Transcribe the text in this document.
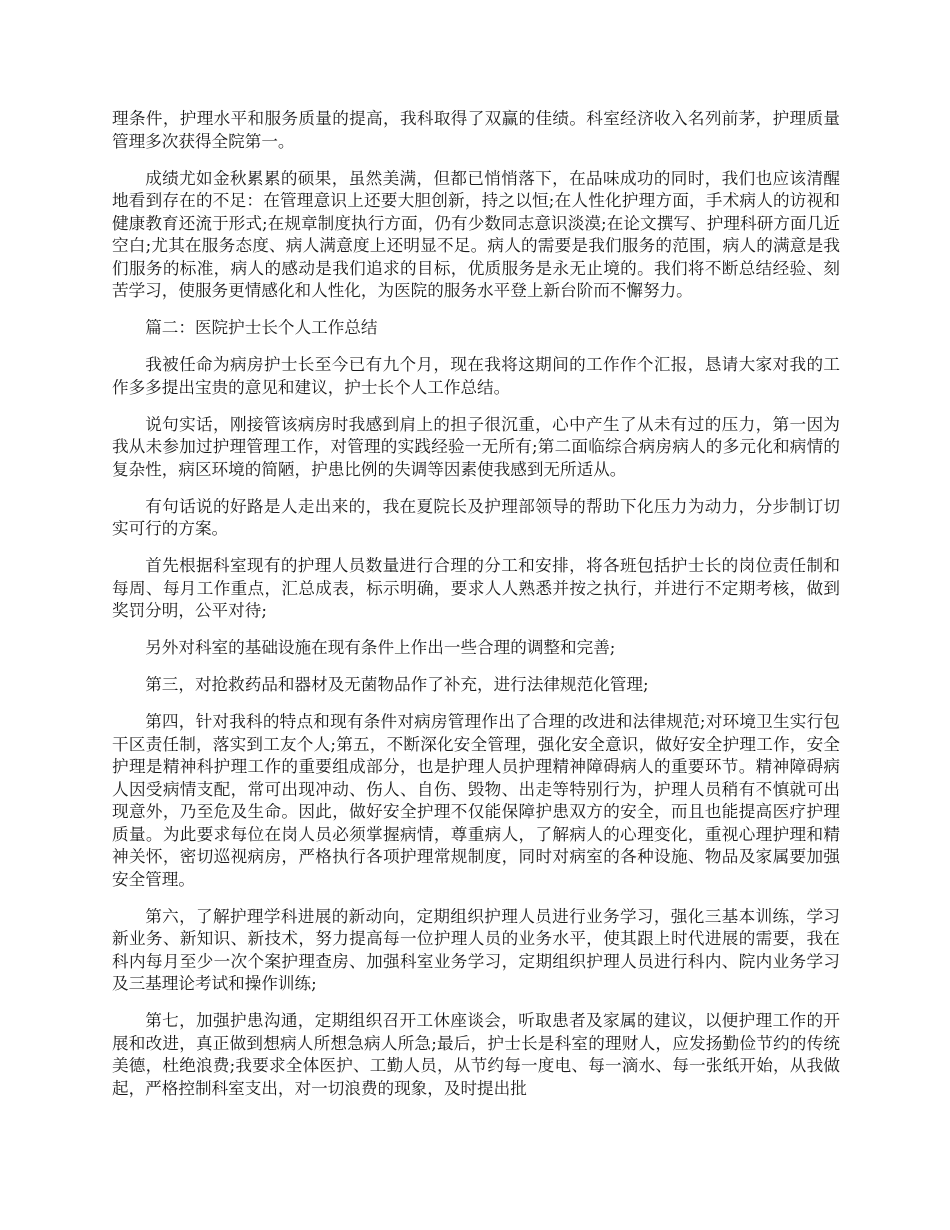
理条件，护理水平和服务质量的提高，我科取得了双赢的佳绩。科室经济收入名列前茅，护理质量管理多次获得全院第一。

成绩尤如金秋累累的硕果，虽然美满，但都已悄悄落下，在品味成功的同时，我们也应该清醒地看到存在的不足：在管理意识上还要大胆创新，持之以恒;在人性化护理方面，手术病人的访视和健康教育还流于形式;在规章制度执行方面，仍有少数同志意识淡漠;在论文撰写、护理科研方面几近空白;尤其在服务态度、病人满意度上还明显不足。病人的需要是我们服务的范围，病人的满意是我们服务的标准，病人的感动是我们追求的目标，优质服务是永无止境的。我们将不断总结经验、刻苦学习，使服务更情感化和人性化，为医院的服务水平登上新台阶而不懈努力。

篇二：医院护士长个人工作总结

我被任命为病房护士长至今已有九个月，现在我将这期间的工作作个汇报，恳请大家对我的工作多多提出宝贵的意见和建议，护士长个人工作总结。

说句实话，刚接管该病房时我感到肩上的担子很沉重，心中产生了从未有过的压力，第一因为我从未参加过护理管理工作，对管理的实践经验一无所有;第二面临综合病房病人的多元化和病情的复杂性，病区环境的简陋，护患比例的失调等因素使我感到无所适从。

有句话说的好路是人走出来的，我在夏院长及护理部领导的帮助下化压力为动力，分步制订切实可行的方案。

首先根据科室现有的护理人员数量进行合理的分工和安排，将各班包括护士长的岗位责任制和每周、每月工作重点，汇总成表，标示明确，要求人人熟悉并按之执行，并进行不定期考核，做到奖罚分明，公平对待;

另外对科室的基础设施在现有条件上作出一些合理的调整和完善;

第三，对抢救药品和器材及无菌物品作了补充，进行法律规范化管理;

第四，针对我科的特点和现有条件对病房管理作出了合理的改进和法律规范;对环境卫生实行包干区责任制，落实到工友个人;第五，不断深化安全管理，强化安全意识，做好安全护理工作，安全护理是精神科护理工作的重要组成部分，也是护理人员护理精神障碍病人的重要环节。精神障碍病人因受病情支配，常可出现冲动、伤人、自伤、毁物、出走等特别行为，护理人员稍有不慎就可出现意外，乃至危及生命。因此，做好安全护理不仅能保障护患双方的安全，而且也能提高医疗护理质量。为此要求每位在岗人员必须掌握病情，尊重病人，了解病人的心理变化，重视心理护理和精神关怀，密切巡视病房，严格执行各项护理常规制度，同时对病室的各种设施、物品及家属要加强安全管理。

第六，了解护理学科进展的新动向，定期组织护理人员进行业务学习，强化三基本训练，学习新业务、新知识、新技术，努力提高每一位护理人员的业务水平，使其跟上时代进展的需要，我在科内每月至少一次个案护理查房、加强科室业务学习，定期组织护理人员进行科内、院内业务学习及三基理论考试和操作训练;

第七，加强护患沟通，定期组织召开工休座谈会，听取患者及家属的建议，以便护理工作的开展和改进，真正做到想病人所想急病人所急;最后，护士长是科室的理财人，应发扬勤俭节约的传统美德，杜绝浪费;我要求全体医护、工勤人员，从节约每一度电、每一滴水、每一张纸开始，从我做起，严格控制科室支出，对一切浪费的现象，及时提出批
